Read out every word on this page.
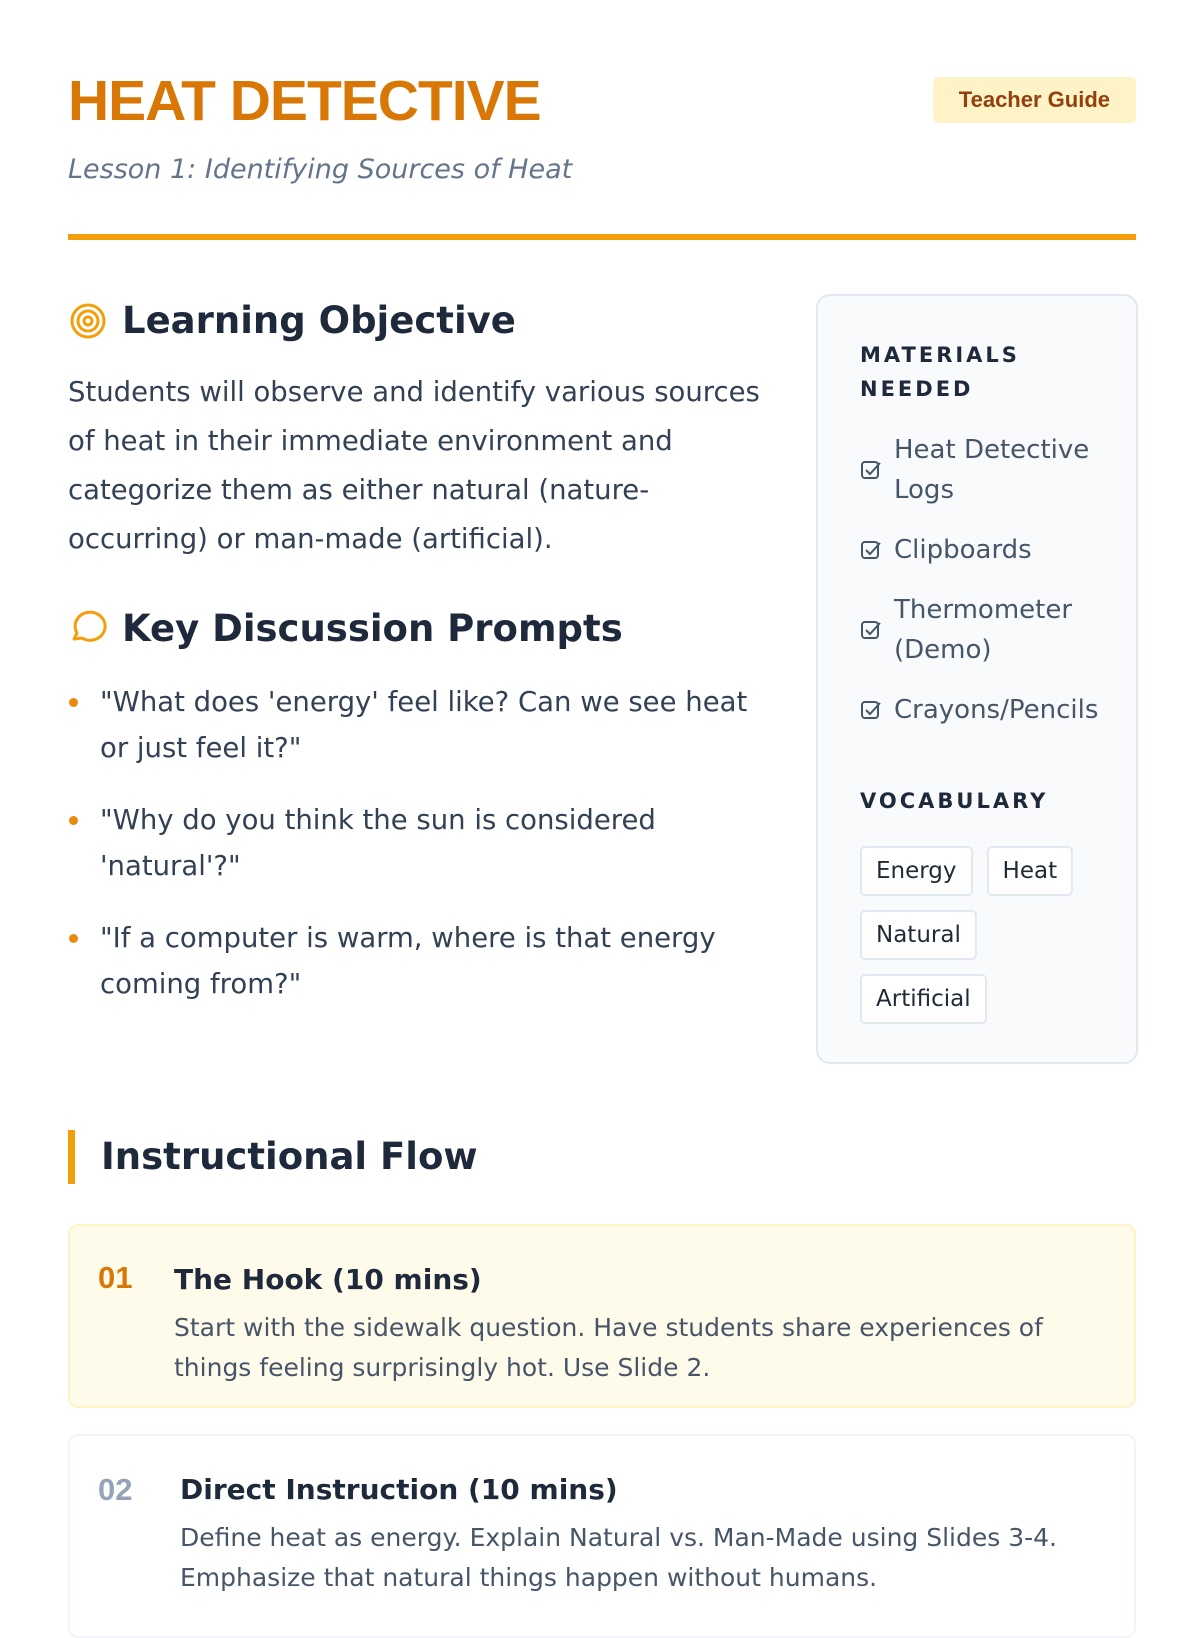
HEAT DETECTIVE	Teacher Guide

Lesson 1: Identifying Sources of Heat

Learning Objective

Students will observe and identify various sources of heat in their immediate environment and categorize them as either natural (nature-occurring) or man-made (artificial).

Key Discussion Prompts
"What does 'energy' feel like? Can we see heat or just feel it?"
"Why do you think the sun is considered 'natural'?"
"If a computer is warm, where is that energy coming from?"
MATERIALS NEEDED
Heat Detective Logs
Clipboards
Thermometer (Demo)
Crayons/Pencils
VOCABULARY
Energy	Heat
Natural
Artificial
Instructional Flow
01 The Hook (10 mins)

Start with the sidewalk question. Have students share experiences of things feeling surprisingly hot. Use Slide 2.

02 Direct Instruction (10 mins)

Define heat as energy. Explain Natural vs. Man-Made using Slides 3-4. Emphasize that natural things happen without humans.
